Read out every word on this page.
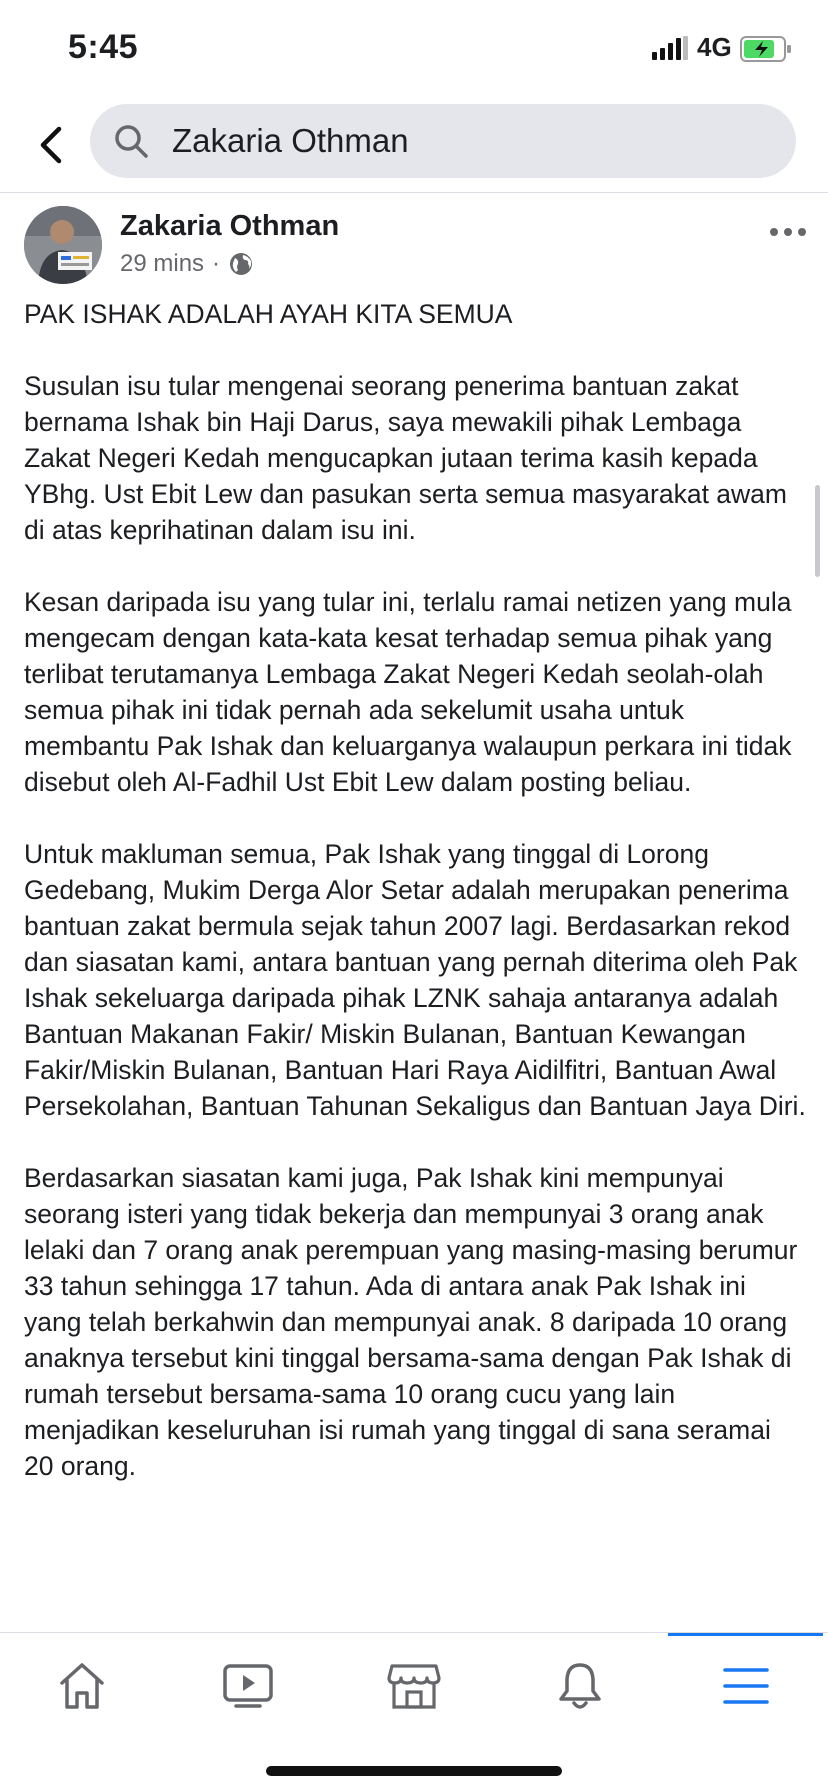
5:45	4G
Zakaria Othman
Zakaria Othman
29 mins ·

PAK ISHAK ADALAH AYAH KITA SEMUA

Susulan isu tular mengenai seorang penerima bantuan zakat bernama Ishak bin Haji Darus, saya mewakili pihak Lembaga Zakat Negeri Kedah mengucapkan jutaan terima kasih kepada YBhg. Ust Ebit Lew dan pasukan serta semua masyarakat awam di atas keprihatinan dalam isu ini.

Kesan daripada isu yang tular ini, terlalu ramai netizen yang mula mengecam dengan kata-kata kesat terhadap semua pihak yang terlibat terutamanya Lembaga Zakat Negeri Kedah seolah-olah semua pihak ini tidak pernah ada sekelumit usaha untuk membantu Pak Ishak dan keluarganya walaupun perkara ini tidak disebut oleh Al-Fadhil Ust Ebit Lew dalam posting beliau.

Untuk makluman semua, Pak Ishak yang tinggal di Lorong Gedebang, Mukim Derga Alor Setar adalah merupakan penerima bantuan zakat bermula sejak tahun 2007 lagi. Berdasarkan rekod dan siasatan kami, antara bantuan yang pernah diterima oleh Pak Ishak sekeluarga daripada pihak LZNK sahaja antaranya adalah Bantuan Makanan Fakir/ Miskin Bulanan, Bantuan Kewangan Fakir/Miskin Bulanan, Bantuan Hari Raya Aidilfitri, Bantuan Awal Persekolahan, Bantuan Tahunan Sekaligus dan Bantuan Jaya Diri.

Berdasarkan siasatan kami juga, Pak Ishak kini mempunyai seorang isteri yang tidak bekerja dan mempunyai 3 orang anak lelaki dan 7 orang anak perempuan yang masing-masing berumur 33 tahun sehingga 17 tahun. Ada di antara anak Pak Ishak ini yang telah berkahwin dan mempunyai anak. 8 daripada 10 orang anaknya tersebut kini tinggal bersama-sama dengan Pak Ishak di rumah tersebut bersama-sama 10 orang cucu yang lain menjadikan keseluruhan isi rumah yang tinggal di sana seramai 20 orang.
